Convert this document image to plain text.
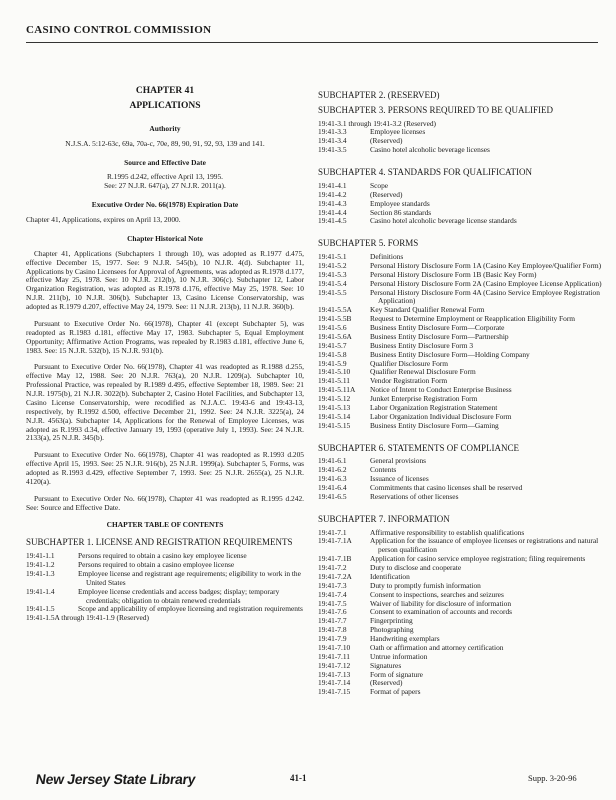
CASINO CONTROL COMMISSION
CHAPTER 41
APPLICATIONS
Authority
N.J.S.A. 5:12-63c, 69a, 70a-c, 70e, 89, 90, 91, 92, 93, 139 and 141.
Source and Effective Date
R.1995 d.242, effective April 13, 1995.
See: 27 N.J.R. 647(a), 27 N.J.R. 2011(a).
Executive Order No. 66(1978) Expiration Date
Chapter 41, Applications, expires on April 13, 2000.
Chapter Historical Note
Chapter 41, Applications (Subchapters 1 through 10), was adopted as R.1977 d.475, effective December 15, 1977. See: 9 N.J.R. 545(b), 10 N.J.R. 4(d). Subchapter 11, Applications by Casino Licensees for Approval of Agreements, was adopted as R.1978 d.177, effective May 25, 1978. See: 10 N.J.R. 212(b), 10 N.J.R. 306(c). Subchapter 12, Labor Organization Registration, was adopted as R.1978 d.176, effective May 25, 1978. See: 10 N.J.R. 211(b), 10 N.J.R. 306(b). Subchapter 13, Casino License Conservatorship, was adopted as R.1979 d.207, effective May 24, 1979. See: 11 N.J.R. 213(b), 11 N.J.R. 360(b).
Pursuant to Executive Order No. 66(1978), Chapter 41 (except Subchapter 5), was readopted as R.1983 d.181, effective May 17, 1983. Subchapter 5, Equal Employment Opportunity; Affirmative Action Programs, was repealed by R.1983 d.181, effective June 6, 1983. See: 15 N.J.R. 532(b), 15 N.J.R. 931(b).
Pursuant to Executive Order No. 66(1978), Chapter 41 was readopted as R.1988 d.255, effective May 12, 1988. See: 20 N.J.R. 763(a), 20 N.J.R. 1209(a). Subchapter 10, Professional Practice, was repealed by R.1989 d.495, effective September 18, 1989. See: 21 N.J.R. 1975(b), 21 N.J.R. 3022(b). Subchapter 2, Casino Hotel Facilities, and Subchapter 13, Casino License Conservatorship, were recodified as N.J.A.C. 19:43-6 and 19:43-13, respectively, by R.1992 d.500, effective December 21, 1992. See: 24 N.J.R. 3225(a), 24 N.J.R. 4563(a). Subchapter 14, Applications for the Renewal of Employee Licenses, was adopted as R.1993 d.34, effective January 19, 1993 (operative July 1, 1993). See: 24 N.J.R. 2133(a), 25 N.J.R. 345(b).
Pursuant to Executive Order No. 66(1978), Chapter 41 was readopted as R.1993 d.205 effective April 15, 1993. See: 25 N.J.R. 916(b), 25 N.J.R. 1999(a). Subchapter 5, Forms, was adopted as R.1993 d.429, effective September 7, 1993. See: 25 N.J.R. 2655(a), 25 N.J.R. 4120(a).
Pursuant to Executive Order No. 66(1978), Chapter 41 was readopted as R.1995 d.242. See: Source and Effective Date.
CHAPTER TABLE OF CONTENTS
SUBCHAPTER 1. LICENSE AND REGISTRATION REQUIREMENTS
19:41-1.1	Persons required to obtain a casino key employee license
19:41-1.2	Persons required to obtain a casino employee license
19:41-1.3	Employee license and registrant age requirements; eligibility to work in the United States
19:41-1.4	Employee license credentials and access badges; display; temporary credentials; obligation to obtain renewed credentials
19:41-1.5	Scope and applicability of employee licensing and registration requirements
19:41-1.5A through 19:41-1.9 (Reserved)
SUBCHAPTER 2. (RESERVED)
SUBCHAPTER 3. PERSONS REQUIRED TO BE QUALIFIED
19:41-3.1 through 19:41-3.2 (Reserved)
19:41-3.3	Employee licenses
19:41-3.4	(Reserved)
19:41-3.5	Casino hotel alcoholic beverage licenses
SUBCHAPTER 4. STANDARDS FOR QUALIFICATION
19:41-4.1	Scope
19:41-4.2	(Reserved)
19:41-4.3	Employee standards
19:41-4.4	Section 86 standards
19:41-4.5	Casino hotel alcoholic beverage license standards
SUBCHAPTER 5. FORMS
19:41-5.1	Definitions
19:41-5.2	Personal History Disclosure Form 1A (Casino Key Employee/Qualifier Form)
19:41-5.3	Personal History Disclosure Form 1B (Basic Key Form)
19:41-5.4	Personal History Disclosure Form 2A (Casino Employee License Application)
19:41-5.5	Personal History Disclosure Form 4A (Casino Service Employee Registration Application)
19:41-5.5A	Key Standard Qualifier Renewal Form
19:41-5.5B	Request to Determine Employment or Reapplication Eligibility Form
19:41-5.6	Business Entity Disclosure Form—Corporate
19:41-5.6A	Business Entity Disclosure Form—Partnership
19:41-5.7	Business Entity Disclosure Form 3
19:41-5.8	Business Entity Disclosure Form—Holding Company
19:41-5.9	Qualifier Disclosure Form
19:41-5.10	Qualifier Renewal Disclosure Form
19:41-5.11	Vendor Registration Form
19:41-5.11A	Notice of Intent to Conduct Enterprise Business
19:41-5.12	Junket Enterprise Registration Form
19:41-5.13	Labor Organization Registration Statement
19:41-5.14	Labor Organization Individual Disclosure Form
19:41-5.15	Business Entity Disclosure Form—Gaming
SUBCHAPTER 6. STATEMENTS OF COMPLIANCE
19:41-6.1	General provisions
19:41-6.2	Contents
19:41-6.3	Issuance of licenses
19:41-6.4	Commitments that casino licenses shall be reserved
19:41-6.5	Reservations of other licenses
SUBCHAPTER 7. INFORMATION
19:41-7.1	Affirmative responsibility to establish qualifications
19:41-7.1A	Application for the issuance of employee licenses or registrations and natural person qualification
19:41-7.1B	Application for casino service employee registration; filing requirements
19:41-7.2	Duty to disclose and cooperate
19:41-7.2A	Identification
19:41-7.3	Duty to promptly furnish information
19:41-7.4	Consent to inspections, searches and seizures
19:41-7.5	Waiver of liability for disclosure of information
19:41-7.6	Consent to examination of accounts and records
19:41-7.7	Fingerprinting
19:41-7.8	Photographing
19:41-7.9	Handwriting exemplars
19:41-7.10	Oath or affirmation and attorney certification
19:41-7.11	Untrue information
19:41-7.12	Signatures
19:41-7.13	Form of signature
19:41-7.14	(Reserved)
19:41-7.15	Format of papers
New Jersey State Library	41-1	Supp. 3-20-96
